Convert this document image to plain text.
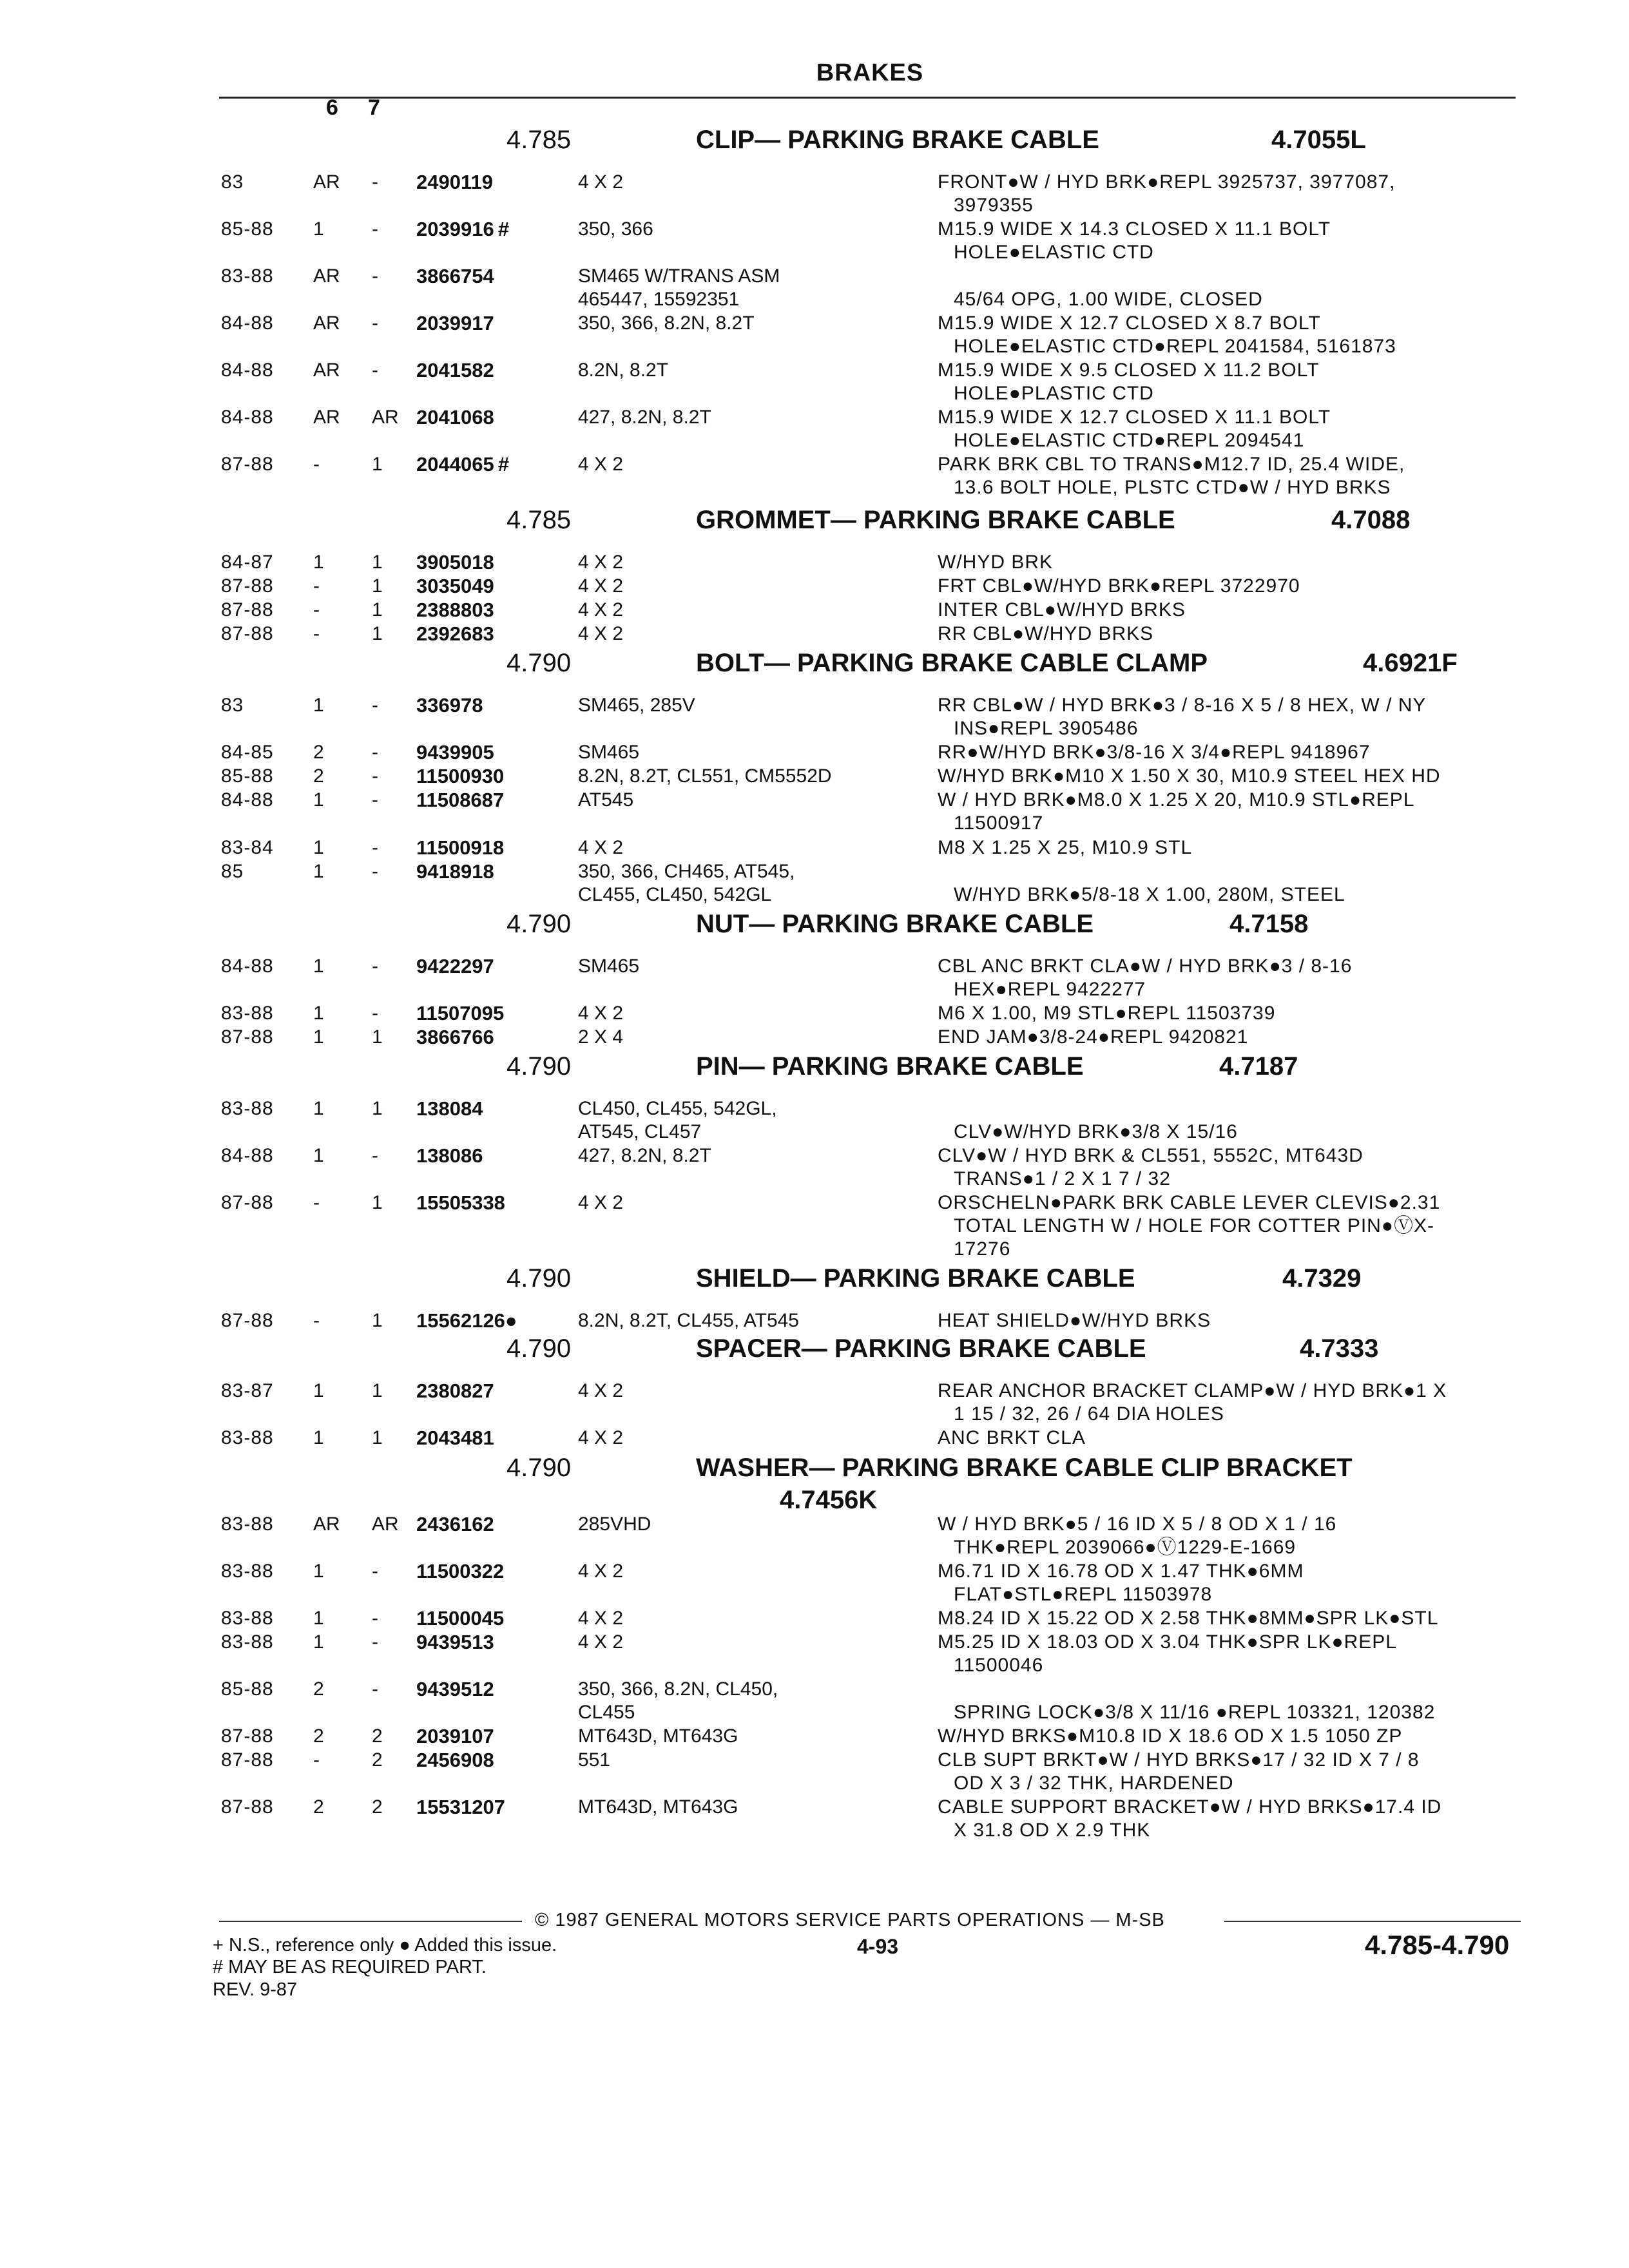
BRAKES
6 7
4.785	CLIP— PARKING BRAKE CABLE	4.7055L
83	AR - 2490119	4 X 2	FRONT●W / HYD BRK●REPL 3925737, 3977087,
3979355
85-88 1 - 2039916 #	350, 366	M15.9 WIDE X 14.3 CLOSED X 11.1 BOLT
HOLE●ELASTIC CTD
83-88 AR - 3866754	SM465 W/TRANS ASM
465447, 15592351	45/64 OPG, 1.00 WIDE, CLOSED
84-88 AR - 2039917	350, 366, 8.2N, 8.2T	M15.9 WIDE X 12.7 CLOSED X 8.7 BOLT
HOLE●ELASTIC CTD●REPL 2041584, 5161873
84-88 AR - 2041582	8.2N, 8.2T	M15.9 WIDE X 9.5 CLOSED X 11.2 BOLT
HOLE●PLASTIC CTD
84-88 AR AR 2041068	427, 8.2N, 8.2T	M15.9 WIDE X 12.7 CLOSED X 11.1 BOLT
HOLE●ELASTIC CTD●REPL 2094541
87-88 -	1 2044065 #	4 X 2	PARK BRK CBL TO TRANS●M12.7 ID, 25.4 WIDE,
13.6 BOLT HOLE, PLSTC CTD●W / HYD BRKS
4.785	GROMMET— PARKING BRAKE CABLE	4.7088
84-87 1 1 3905018	4 X 2	W/HYD BRK
87-88 -	1 3035049	4 X 2	FRT CBL●W/HYD BRK●REPL 3722970
87-88 -	1 2388803	4 X 2	INTER CBL●W/HYD BRKS
87-88 -	1 2392683	4 X 2	RR CBL●W/HYD BRKS
4.790	BOLT— PARKING BRAKE CABLE CLAMP	4.6921F
83	1 - 336978	SM465, 285V	RR CBL●W / HYD BRK●3 / 8-16 X 5 / 8 HEX, W / NY
INS●REPL 3905486
84-85 2 - 9439905	SM465	RR●W/HYD BRK●3/8-16 X 3/4●REPL 9418967
85-88 2 - 11500930	8.2N, 8.2T, CL551, CM5552D	W/HYD BRK●M10 X 1.50 X 30, M10.9 STEEL HEX HD
84-88 1 - 11508687	AT545	W / HYD BRK●M8.0 X 1.25 X 20, M10.9 STL●REPL
11500917
83-84 1 - 11500918	4 X 2	M8 X 1.25 X 25, M10.9 STL
85	1 - 9418918	350, 366, CH465, AT545,
CL455, CL450, 542GL	W/HYD BRK●5/8-18 X 1.00, 280M, STEEL
4.790	NUT— PARKING BRAKE CABLE	4.7158
84-88 1 - 9422297	SM465	CBL ANC BRKT CLA●W / HYD BRK●3 / 8-16
HEX●REPL 9422277
83-88 1 - 11507095	4 X 2	M6 X 1.00, M9 STL●REPL 11503739
87-88 1 1 3866766	2 X 4	END JAM●3/8-24●REPL 9420821
4.790	PIN— PARKING BRAKE CABLE	4.7187
83-88 1 1 138084	CL450, CL455, 542GL,
AT545, CL457	CLV●W/HYD BRK●3/8 X 15/16
84-88 1 - 138086	427, 8.2N, 8.2T	CLV●W / HYD BRK & CL551, 5552C, MT643D
TRANS●1 / 2 X 1 7 / 32
87-88 -	1 15505338	4 X 2	ORSCHELN●PARK BRK CABLE LEVER CLEVIS●2.31
TOTAL LENGTH W / HOLE FOR COTTER PIN●ⓋX-
17276
4.790	SHIELD— PARKING BRAKE CABLE	4.7329
87-88 -	1 15562126●	8.2N, 8.2T, CL455, AT545	HEAT SHIELD●W/HYD BRKS
4.790	SPACER— PARKING BRAKE CABLE	4.7333
83-87 1 1 2380827	4 X 2	REAR ANCHOR BRACKET CLAMP●W / HYD BRK●1 X
1 15 / 32, 26 / 64 DIA HOLES
83-88 1 1 2043481	4 X 2	ANC BRKT CLA
4.790	WASHER— PARKING BRAKE CABLE CLIP BRACKET
4.7456K
83-88 AR AR 2436162	285VHD	W / HYD BRK●5 / 16 ID X 5 / 8 OD X 1 / 16
THK●REPL 2039066●Ⓥ1229-E-1669
83-88 1 - 11500322	4 X 2	M6.71 ID X 16.78 OD X 1.47 THK●6MM
FLAT●STL●REPL 11503978
83-88 1 - 11500045	4 X 2	M8.24 ID X 15.22 OD X 2.58 THK●8MM●SPR LK●STL
83-88 1 - 9439513	4 X 2	M5.25 ID X 18.03 OD X 3.04 THK●SPR LK●REPL
11500046
85-88 2 - 9439512	350, 366, 8.2N, CL450,
CL455	SPRING LOCK●3/8 X 11/16 ●REPL 103321, 120382
87-88 2 2 2039107	MT643D, MT643G	W/HYD BRKS●M10.8 ID X 18.6 OD X 1.5 1050 ZP
87-88 -	2 2456908	551	CLB SUPT BRKT●W / HYD BRKS●17 / 32 ID X 7 / 8
OD X 3 / 32 THK, HARDENED
87-88 2 2 15531207	MT643D, MT643G	CABLE SUPPORT BRACKET●W / HYD BRKS●17.4 ID
X 31.8 OD X 2.9 THK
© 1987 GENERAL MOTORS SERVICE PARTS OPERATIONS — M-SB
+ N.S., reference only ● Added this issue.
# MAY BE AS REQUIRED PART.
REV. 9-87
4-93	4.785-4.790
